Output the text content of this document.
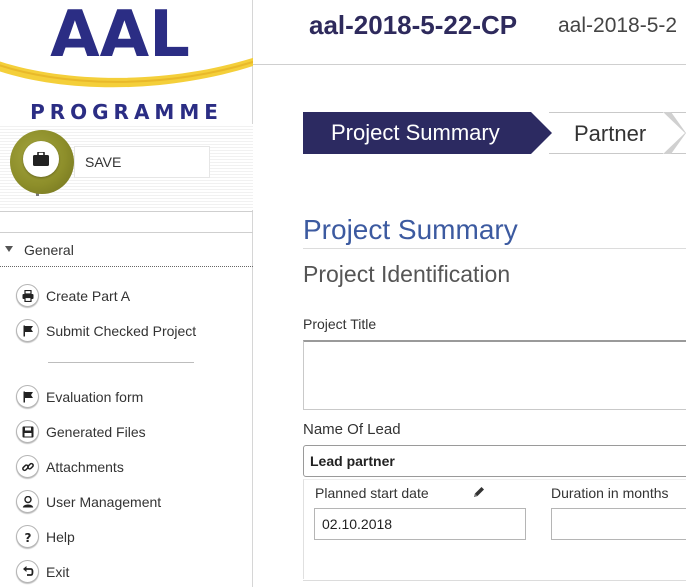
AAL
PROGRAMME
SAVE
General
Create Part A
Submit Checked Project
Evaluation form
Generated Files
Attachments
User Management
? Help
Exit
aal-2018-5-22-CP aal-2018-5-2
Partner
Project Summary
Project Summary
Project Identification
Project Title
Name Of Lead
Lead partner
Planned start date
02.10.2018
Duration in months
